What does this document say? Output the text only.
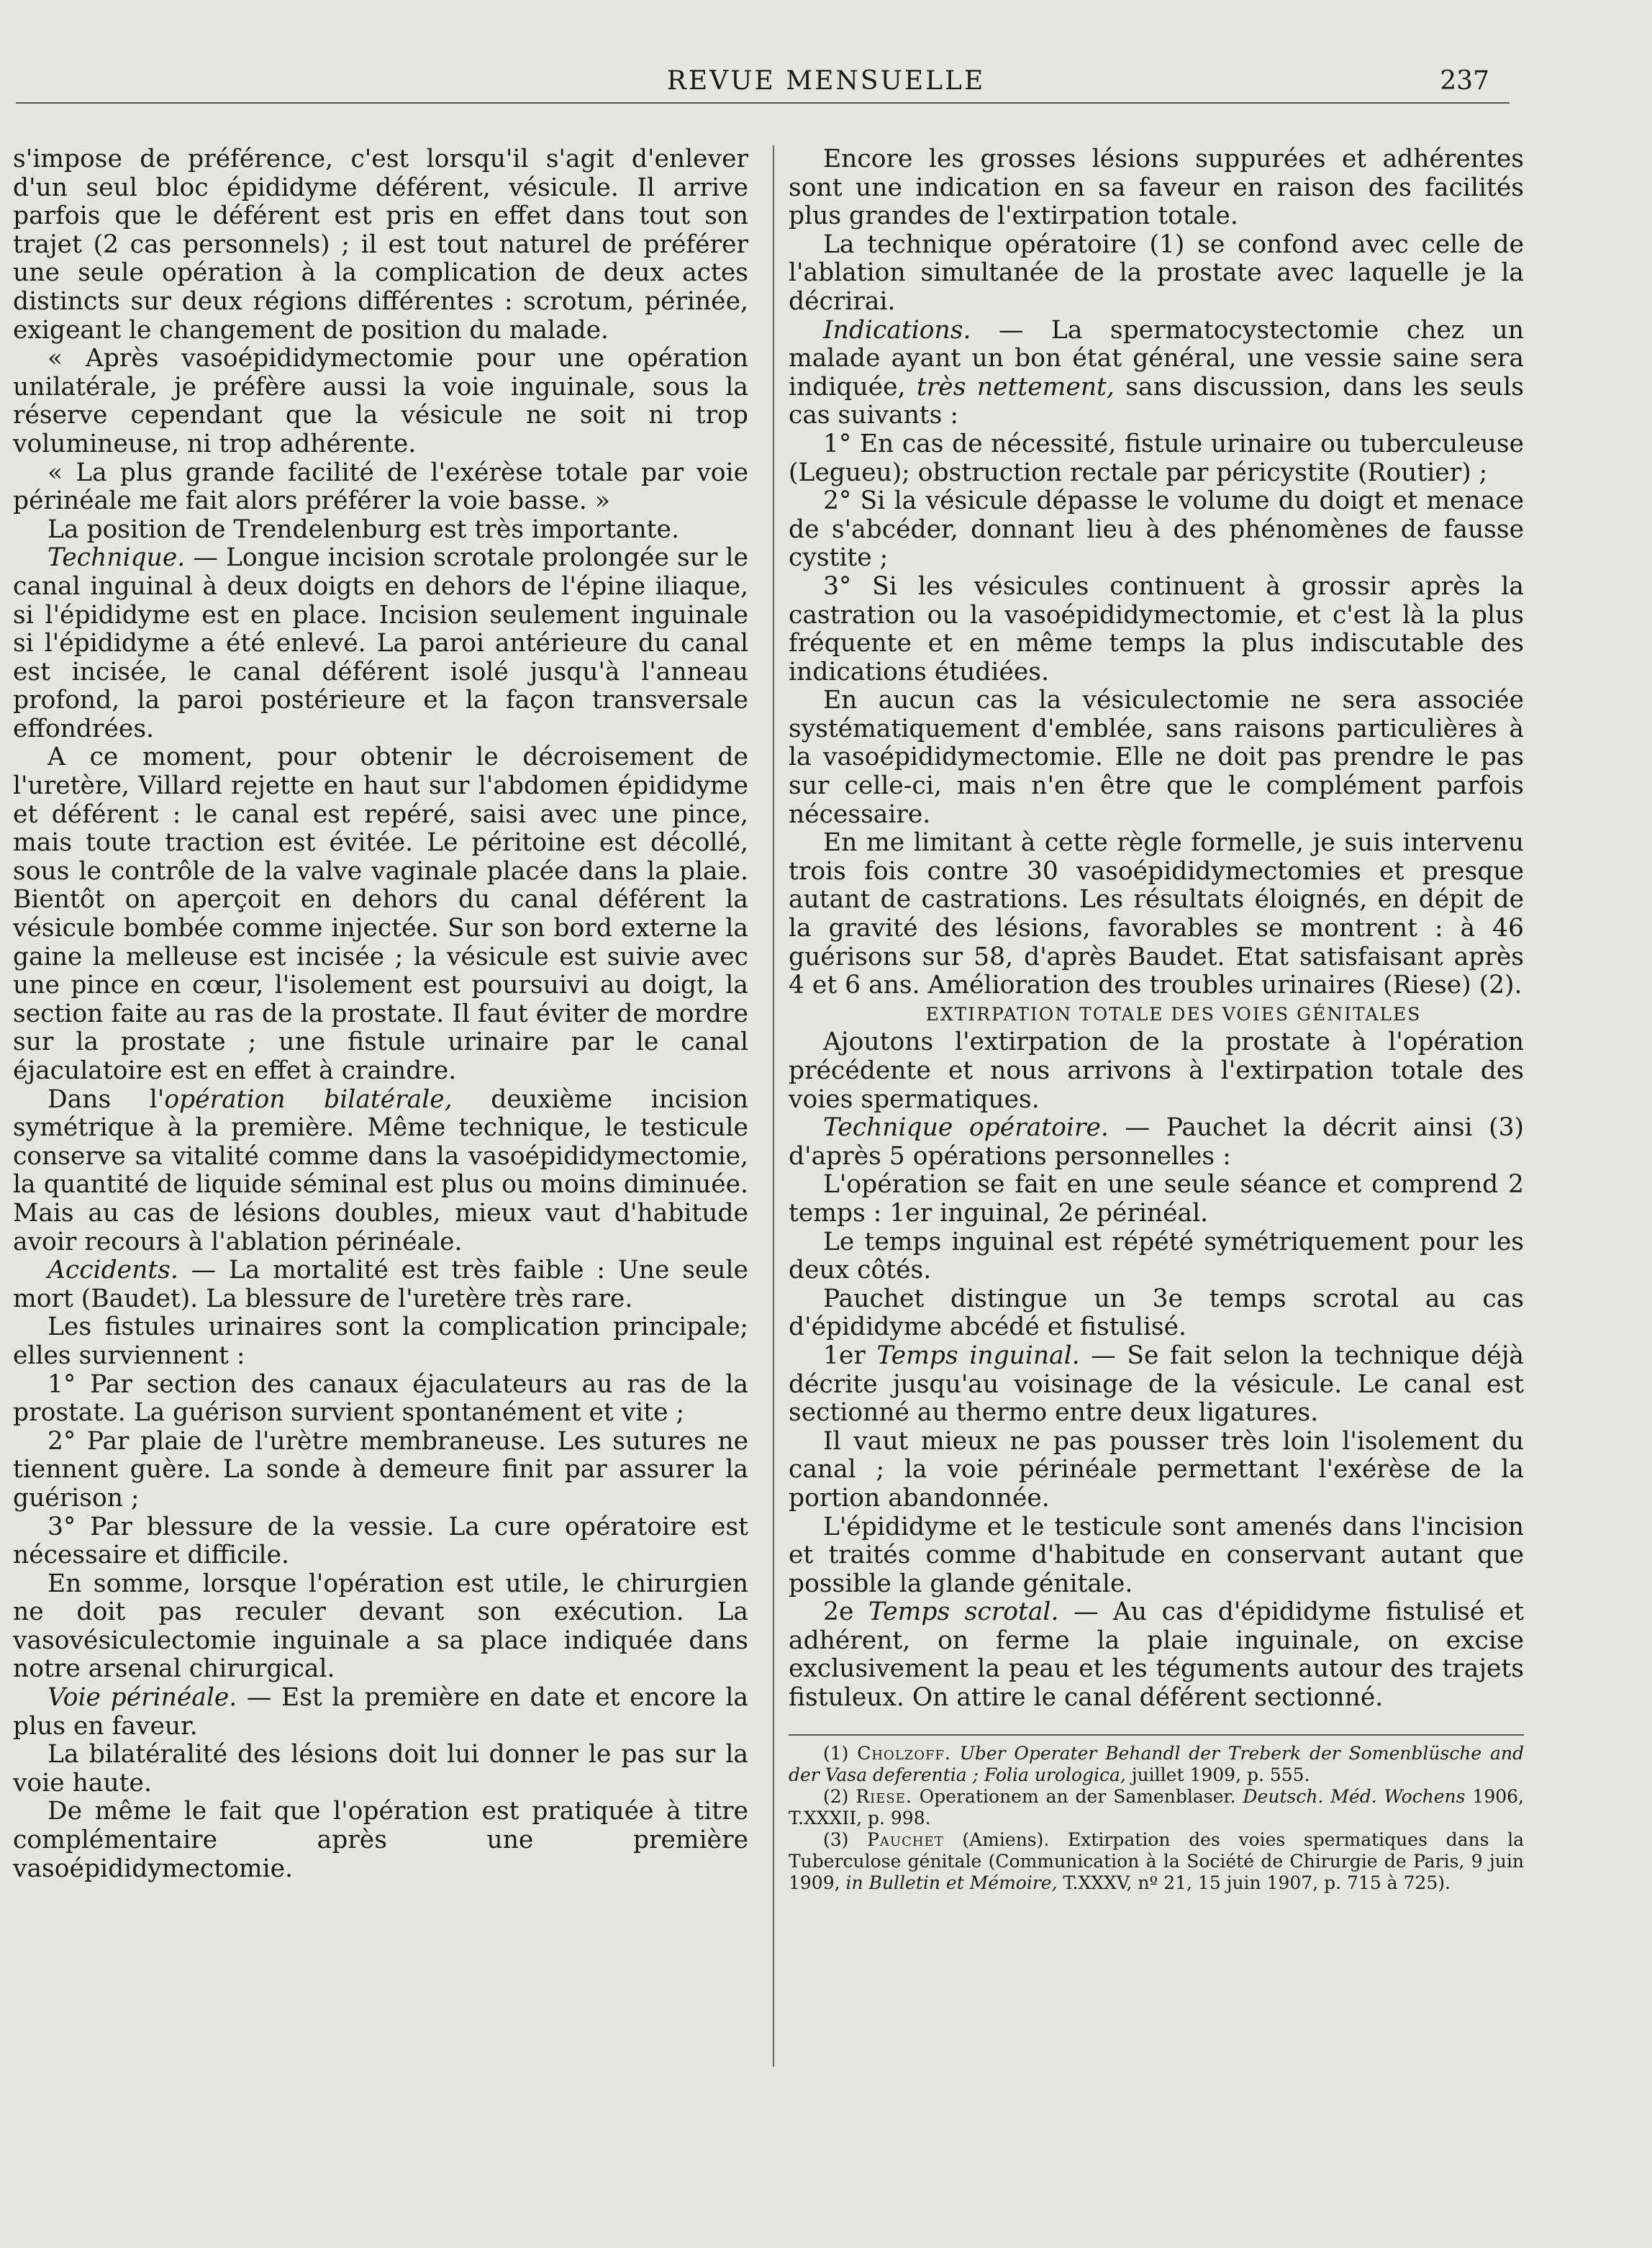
REVUE MENSUELLE	237

s'impose de préférence, c'est lorsqu'il s'agit d'enlever d'un seul bloc épididyme déférent, vésicule. Il arrive parfois que le déférent est pris en effet dans tout son trajet (2 cas personnels) ; il est tout naturel de préférer une seule opération à la complication de deux actes distincts sur deux régions différentes : scrotum, périnée, exigeant le changement de position du malade.

« Après vasoépididymectomie pour une opération unilatérale, je préfère aussi la voie inguinale, sous la réserve cependant que la vésicule ne soit ni trop volumineuse, ni trop adhérente.

« La plus grande facilité de l'exérèse totale par voie périnéale me fait alors préférer la voie basse. »

La position de Trendelenburg est très importante.

Technique. — Longue incision scrotale prolongée sur le canal inguinal à deux doigts en dehors de l'épine iliaque, si l'épididyme est en place. Incision seulement inguinale si l'épididyme a été enlevé. La paroi antérieure du canal est incisée, le canal déférent isolé jusqu'à l'anneau profond, la paroi postérieure et la façon transversale effondrées.

A ce moment, pour obtenir le décroisement de l'uretère, Villard rejette en haut sur l'abdomen épididyme et déférent : le canal est repéré, saisi avec une pince, mais toute traction est évitée. Le péritoine est décollé, sous le contrôle de la valve vaginale placée dans la plaie. Bientôt on aperçoit en dehors du canal déférent la vésicule bombée comme injectée. Sur son bord externe la gaine la melleuse est incisée ; la vésicule est suivie avec une pince en cœur, l'isolement est poursuivi au doigt, la section faite au ras de la prostate. Il faut éviter de mordre sur la prostate ; une fistule urinaire par le canal éjaculatoire est en effet à craindre.

Dans l'opération bilatérale, deuxième incision symétrique à la première. Même technique, le testicule conserve sa vitalité comme dans la vasoépididymectomie, la quantité de liquide séminal est plus ou moins diminuée. Mais au cas de lésions doubles, mieux vaut d'habitude avoir recours à l'ablation périnéale.

Accidents. — La mortalité est très faible : Une seule mort (Baudet). La blessure de l'uretère très rare.

Les fistules urinaires sont la complication principale; elles surviennent :

1° Par section des canaux éjaculateurs au ras de la prostate. La guérison survient spontanément et vite ;

2° Par plaie de l'urètre membraneuse. Les sutures ne tiennent guère. La sonde à demeure finit par assurer la guérison ;

3° Par blessure de la vessie. La cure opératoire est nécessaire et difficile.

En somme, lorsque l'opération est utile, le chirurgien ne doit pas reculer devant son exécution. La vasovésiculectomie inguinale a sa place indiquée dans notre arsenal chirurgical.

Voie périnéale. — Est la première en date et encore la plus en faveur.

La bilatéralité des lésions doit lui donner le pas sur la voie haute.

De même le fait que l'opération est pratiquée à titre complémentaire après une première vasoépididymectomie.

Encore les grosses lésions suppurées et adhérentes sont une indication en sa faveur en raison des facilités plus grandes de l'extirpation totale.

La technique opératoire (1) se confond avec celle de l'ablation simultanée de la prostate avec laquelle je la décrirai.

Indications. — La spermatocystectomie chez un malade ayant un bon état général, une vessie saine sera indiquée, très nettement, sans discussion, dans les seuls cas suivants :

1° En cas de nécessité, fistule urinaire ou tuberculeuse (Legueu); obstruction rectale par péricystite (Routier) ;

2° Si la vésicule dépasse le volume du doigt et menace de s'abcéder, donnant lieu à des phénomènes de fausse cystite ;

3° Si les vésicules continuent à grossir après la castration ou la vasoépididymectomie, et c'est là la plus fréquente et en même temps la plus indiscutable des indications étudiées.

En aucun cas la vésiculectomie ne sera associée systématiquement d'emblée, sans raisons particulières à la vasoépididymectomie. Elle ne doit pas prendre le pas sur celle-ci, mais n'en être que le complément parfois nécessaire.

En me limitant à cette règle formelle, je suis intervenu trois fois contre 30 vasoépididymectomies et presque autant de castrations. Les résultats éloignés, en dépit de la gravité des lésions, favorables se montrent : à 46 guérisons sur 58, d'après Baudet. Etat satisfaisant après 4 et 6 ans. Amélioration des troubles urinaires (Riese) (2).

EXTIRPATION TOTALE DES VOIES GÉNITALES

Ajoutons l'extirpation de la prostate à l'opération précédente et nous arrivons à l'extirpation totale des voies spermatiques.

Technique opératoire. — Pauchet la décrit ainsi (3) d'après 5 opérations personnelles :

L'opération se fait en une seule séance et comprend 2 temps : 1er inguinal, 2e périnéal.

Le temps inguinal est répété symétriquement pour les deux côtés.

Pauchet distingue un 3e temps scrotal au cas d'épididyme abcédé et fistulisé.

1er Temps inguinal. — Se fait selon la technique déjà décrite jusqu'au voisinage de la vésicule. Le canal est sectionné au thermo entre deux ligatures.

Il vaut mieux ne pas pousser très loin l'isolement du canal ; la voie périnéale permettant l'exérèse de la portion abandonnée.

L'épididyme et le testicule sont amenés dans l'incision et traités comme d'habitude en conservant autant que possible la glande génitale.

2e Temps scrotal. — Au cas d'épididyme fistulisé et adhérent, on ferme la plaie inguinale, on excise exclusivement la peau et les téguments autour des trajets fistuleux. On attire le canal déférent sectionné.

(1) Cholzoff. Uber Operater Behandl der Treberk der Somenblüsche and der Vasa deferentia ; Folia urologica, juillet 1909, p. 555.

(2) Riese. Operationem an der Samenblaser. Deutsch. Méd. Wochens 1906, T.XXXII, p. 998.

(3) Pauchet (Amiens). Extirpation des voies spermatiques dans la Tuberculose génitale (Communication à la Société de Chirurgie de Paris, 9 juin 1909, in Bulletin et Mémoire, T.XXXV, nº 21, 15 juin 1907, p. 715 à 725).
